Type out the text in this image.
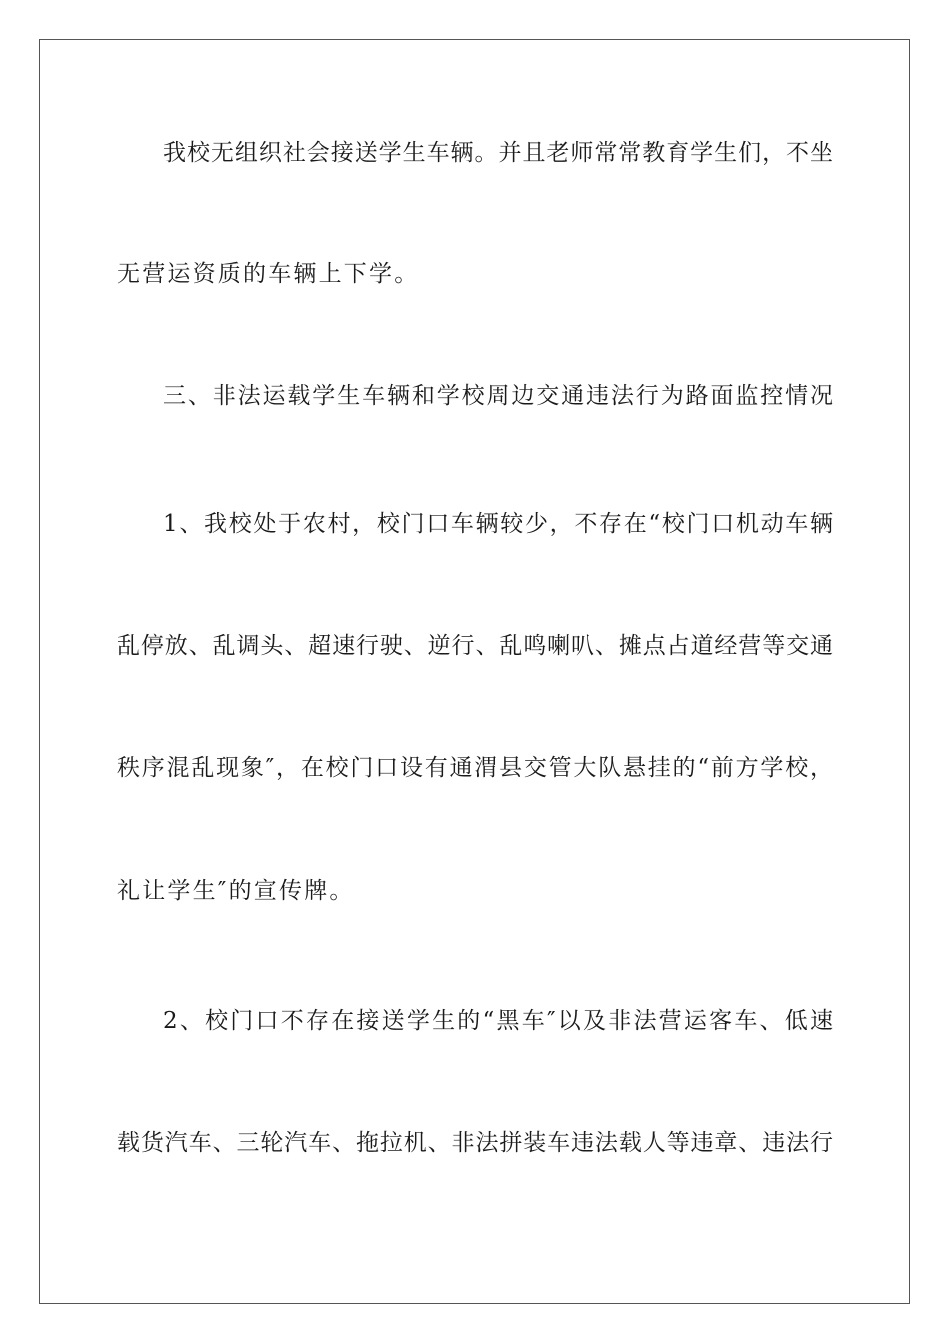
我校无组织社会接送学生车辆。并且老师常常教育学生们，不坐
无营运资质的车辆上下学。
三、非法运载学生车辆和学校周边交通违法行为路面监控情况
1、我校处于农村，校门口车辆较少，不存在“校门口机动车辆
乱停放、乱调头、超速行驶、逆行、乱鸣喇叭、摊点占道经营等交通
秩序混乱现象″，在校门口设有通渭县交管大队悬挂的“前方学校，
礼让学生″的宣传牌。
2、校门口不存在接送学生的“黑车″以及非法营运客车、低速
载货汽车、三轮汽车、拖拉机、非法拼装车违法载人等违章、违法行
